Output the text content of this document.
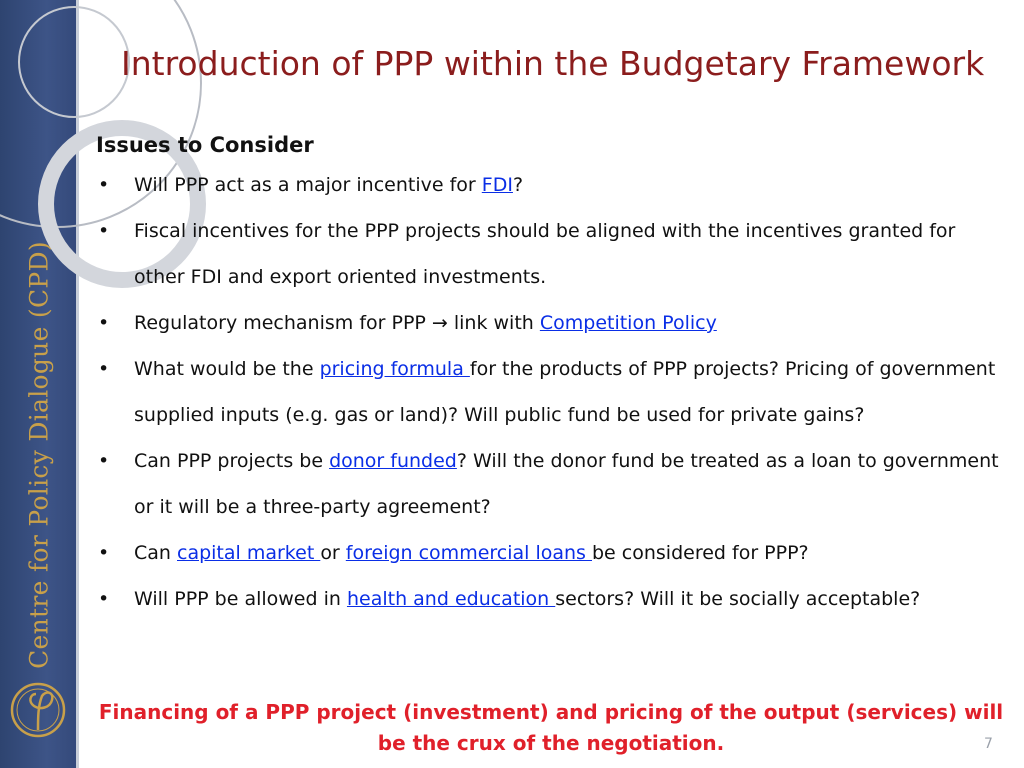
Centre for Policy Dialogue (CPD)
Introduction of PPP within the Budgetary Framework

Issues to Consider

• Will PPP act as a major incentive for FDI?
• Fiscal incentives for the PPP projects should be aligned with the incentives granted for other FDI and export oriented investments.
• Regulatory mechanism for PPP → link with Competition Policy
• What would be the pricing formula for the products of PPP projects? Pricing of government supplied inputs (e.g. gas or land)? Will public fund be used for private gains?
• Can PPP projects be donor funded? Will the donor fund be treated as a loan to government or it will be a three-party agreement?
• Can capital market or foreign commercial loans be considered for PPP?
• Will PPP be allowed in health and education sectors? Will it be socially acceptable?

Financing of a PPP project (investment) and pricing of the output (services) will be the crux of the negotiation.	7
